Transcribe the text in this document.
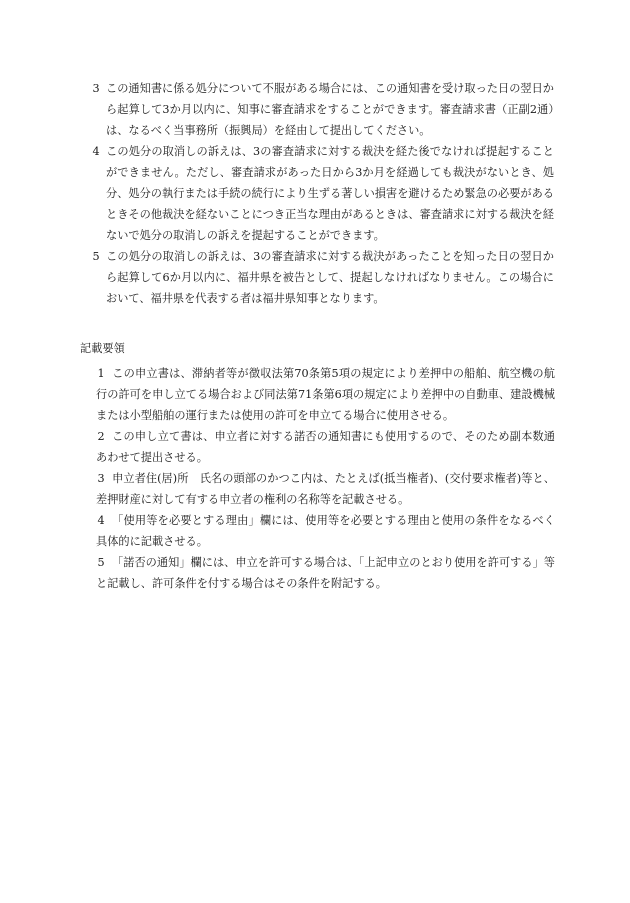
3 この通知書に係る処分について不服がある場合には、この通知書を受け取った日の翌日から起算して3か月以内に、知事に審査請求をすることができます。審査請求書（正副2通）は、なるべく当事務所（振興局）を経由して提出してください。

4 この処分の取消しの訴えは、3の審査請求に対する裁決を経た後でなければ提起することができません。ただし、審査請求があった日から3か月を経過しても裁決がないとき、処分、処分の執行または手続の続行により生ずる著しい損害を避けるため緊急の必要があるときその他裁決を経ないことにつき正当な理由があるときは、審査請求に対する裁決を経ないで処分の取消しの訴えを提起することができます。

5 この処分の取消しの訴えは、3の審査請求に対する裁決があったことを知った日の翌日から起算して6か月以内に、福井県を被告として、提起しなければなりません。この場合において、福井県を代表する者は福井県知事となります。

記載要領

1 この申立書は、滞納者等が徴収法第70条第5項の規定により差押中の船舶、航空機の航行の許可を申し立てる場合および同法第71条第6項の規定により差押中の自動車、建設機械または小型船舶の運行または使用の許可を申立てる場合に使用させる。

2 この申し立て書は、申立者に対する諾否の通知書にも使用するので、そのため副本数通あわせて提出させる。

3 申立者住(居)所　氏名の頭部のかつこ内は、たとえば(抵当権者)、(交付要求権者)等と、差押財産に対して有する申立者の権利の名称等を記載させる。

4 「使用等を必要とする理由」欄には、使用等を必要とする理由と使用の条件をなるべく具体的に記載させる。

5 「諾否の通知」欄には、申立を許可する場合は、「上記申立のとおり使用を許可する」等と記載し、許可条件を付する場合はその条件を附記する。
